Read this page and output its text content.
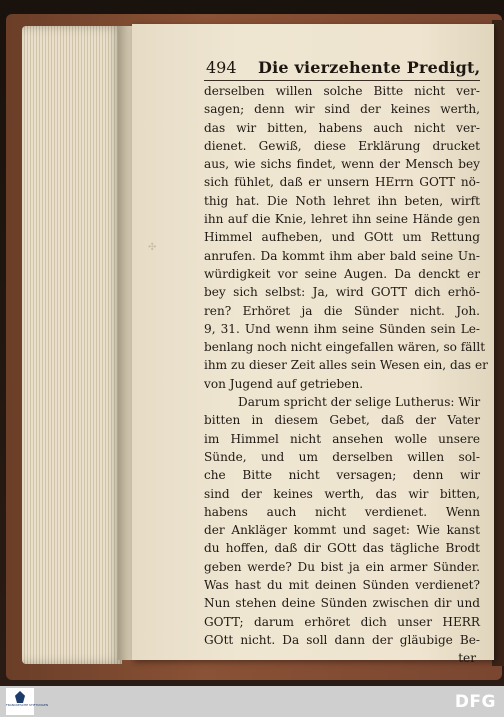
✣
494 Die vierzehente Predigt,
derselben willen solche Bitte nicht ver-
sagen; denn wir sind der keines werth,
das wir bitten, habens auch nicht ver-
dienet. Gewiß, diese Erklärung drucket
aus, wie sichs findet, wenn der Mensch bey
sich fühlet, daß er unsern HErrn GOTT nö-
thig hat. Die Noth lehret ihn beten, wirft
ihn auf die Knie, lehret ihn seine Hände gen
Himmel aufheben, und GOtt um Rettung
anrufen. Da kommt ihm aber bald seine Un-
würdigkeit vor seine Augen. Da denckt er
bey sich selbst: Ja, wird GOTT dich erhö-
ren? Erhöret ja die Sünder nicht. Joh.
9, 31. Und wenn ihm seine Sünden sein Le-
benlang noch nicht eingefallen wären, so fällt
ihm zu dieser Zeit alles sein Wesen ein, das er
von Jugend auf getrieben.
Darum spricht der selige Lutherus: Wir
bitten in diesem Gebet, daß der Vater
im Himmel nicht ansehen wolle unsere
Sünde, und um derselben willen sol-
che Bitte nicht versagen; denn wir
sind der keines werth, das wir bitten,
habens auch nicht verdienet. Wenn
der Ankläger kommt und saget: Wie kanst
du hoffen, daß dir GOtt das tägliche Brodt
geben werde? Du bist ja ein armer Sünder.
Was hast du mit deinen Sünden verdienet?
Nun stehen deine Sünden zwischen dir und
GOTT; darum erhöret dich unser HERR
GOtt nicht. Da soll dann der gläubige Be-
ter
FRANCKESCHE STIFTUNGEN	DFG
